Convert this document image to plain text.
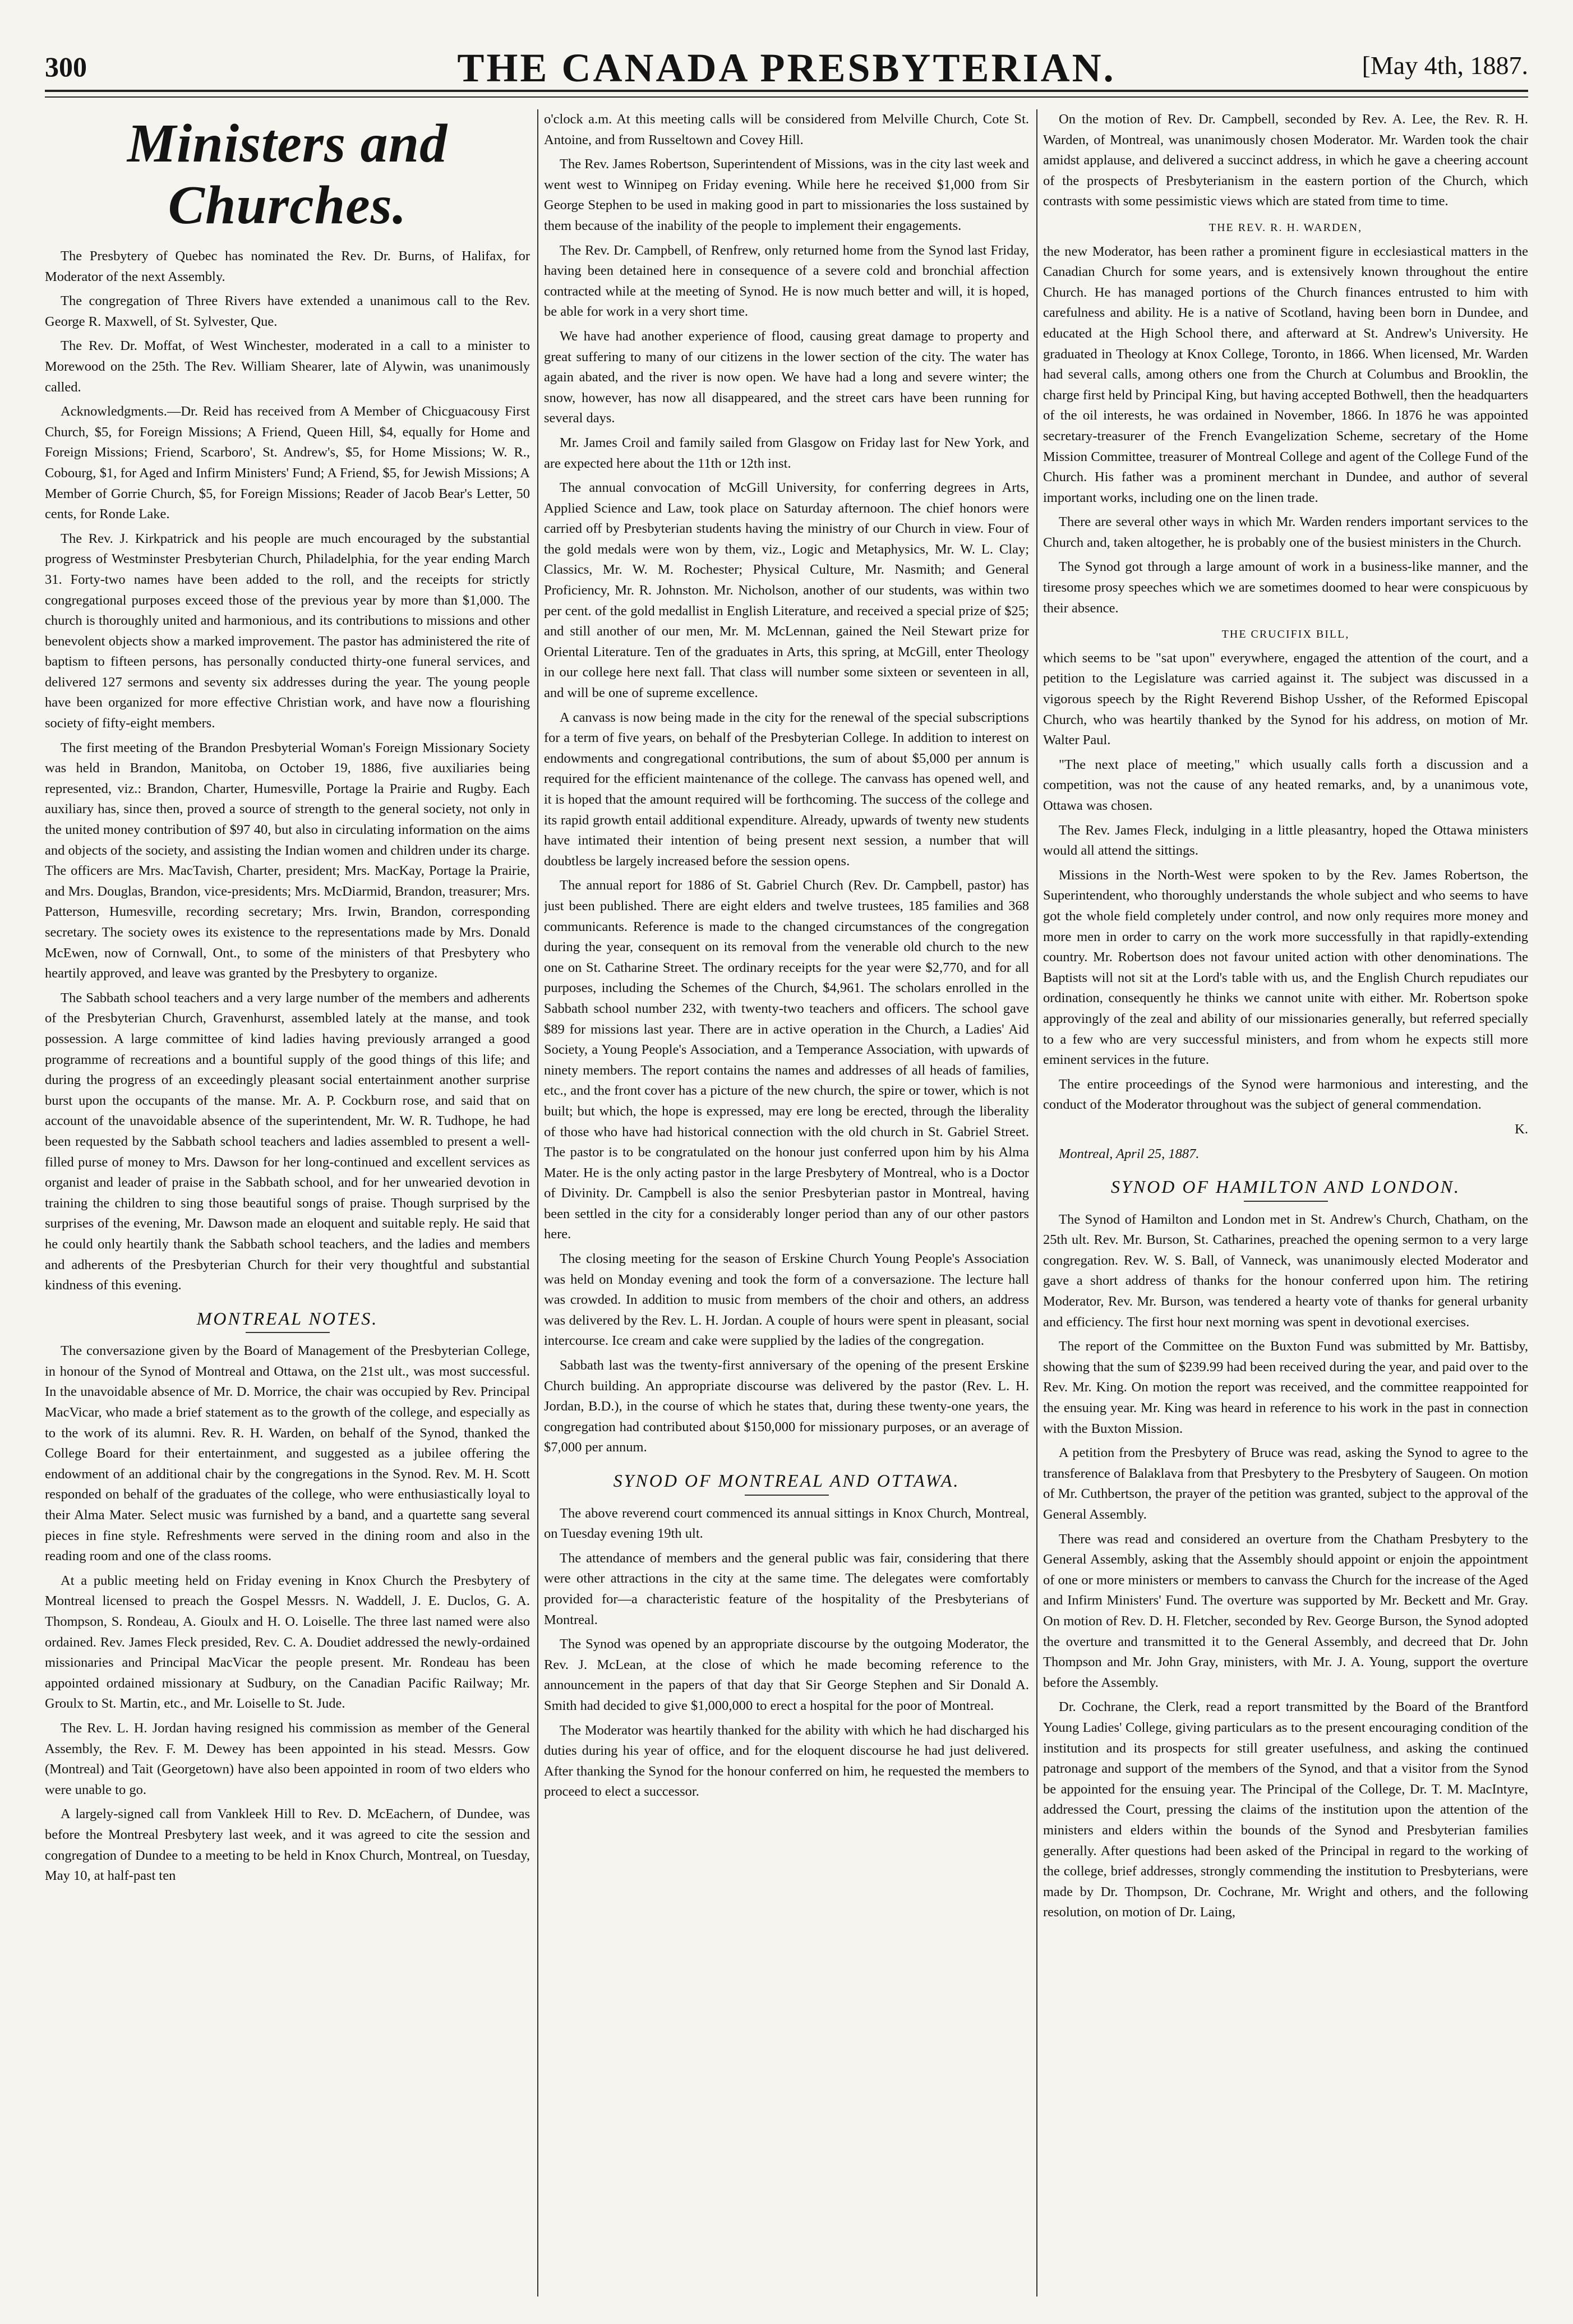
300	THE CANADA PRESBYTERIAN.	[May 4th, 1887.
Ministers and Churches.

The Presbytery of Quebec has nominated the Rev. Dr. Burns, of Halifax, for Moderator of the next Assembly.

The congregation of Three Rivers have extended a unanimous call to the Rev. George R. Maxwell, of St. Sylvester, Que.

The Rev. Dr. Moffat, of West Winchester, moderated in a call to a minister to Morewood on the 25th. The Rev. William Shearer, late of Alywin, was unanimously called.

Acknowledgments.—Dr. Reid has received from A Member of Chicguacousy First Church, $5, for Foreign Missions; A Friend, Queen Hill, $4, equally for Home and Foreign Missions; Friend, Scarboro', St. Andrew's, $5, for Home Missions; W. R., Cobourg, $1, for Aged and Infirm Ministers' Fund; A Friend, $5, for Jewish Missions; A Member of Gorrie Church, $5, for Foreign Missions; Reader of Jacob Bear's Letter, 50 cents, for Ronde Lake.

The Rev. J. Kirkpatrick and his people are much encouraged by the substantial progress of Westminster Presbyterian Church, Philadelphia, for the year ending March 31. Forty-two names have been added to the roll, and the receipts for strictly congregational purposes exceed those of the previous year by more than $1,000. The church is thoroughly united and harmonious, and its contributions to missions and other benevolent objects show a marked improvement. The pastor has administered the rite of baptism to fifteen persons, has personally conducted thirty-one funeral services, and delivered 127 sermons and seventy six addresses during the year. The young people have been organized for more effective Christian work, and have now a flourishing society of fifty-eight members.

The first meeting of the Brandon Presbyterial Woman's Foreign Missionary Society was held in Brandon, Manitoba, on October 19, 1886, five auxiliaries being represented, viz.: Brandon, Charter, Humesville, Portage la Prairie and Rugby. Each auxiliary has, since then, proved a source of strength to the general society, not only in the united money contribution of $97 40, but also in circulating information on the aims and objects of the society, and assisting the Indian women and children under its charge. The officers are Mrs. MacTavish, Charter, president; Mrs. MacKay, Portage la Prairie, and Mrs. Douglas, Brandon, vice-presidents; Mrs. McDiarmid, Brandon, treasurer; Mrs. Patterson, Humesville, recording secretary; Mrs. Irwin, Brandon, corresponding secretary. The society owes its existence to the representations made by Mrs. Donald McEwen, now of Cornwall, Ont., to some of the ministers of that Presbytery who heartily approved, and leave was granted by the Presbytery to organize.

The Sabbath school teachers and a very large number of the members and adherents of the Presbyterian Church, Gravenhurst, assembled lately at the manse, and took possession. A large committee of kind ladies having previously arranged a good programme of recreations and a bountiful supply of the good things of this life; and during the progress of an exceedingly pleasant social entertainment another surprise burst upon the occupants of the manse. Mr. A. P. Cockburn rose, and said that on account of the unavoidable absence of the superintendent, Mr. W. R. Tudhope, he had been requested by the Sabbath school teachers and ladies assembled to present a well-filled purse of money to Mrs. Dawson for her long-continued and excellent services as organist and leader of praise in the Sabbath school, and for her unwearied devotion in training the children to sing those beautiful songs of praise. Though surprised by the surprises of the evening, Mr. Dawson made an eloquent and suitable reply. He said that he could only heartily thank the Sabbath school teachers, and the ladies and members and adherents of the Presbyterian Church for their very thoughtful and substantial kindness of this evening.

MONTREAL NOTES.

The conversazione given by the Board of Management of the Presbyterian College, in honour of the Synod of Montreal and Ottawa, on the 21st ult., was most successful. In the unavoidable absence of Mr. D. Morrice, the chair was occupied by Rev. Principal MacVicar, who made a brief statement as to the growth of the college, and especially as to the work of its alumni. Rev. R. H. Warden, on behalf of the Synod, thanked the College Board for their entertainment, and suggested as a jubilee offering the endowment of an additional chair by the congregations in the Synod. Rev. M. H. Scott responded on behalf of the graduates of the college, who were enthusiastically loyal to their Alma Mater. Select music was furnished by a band, and a quartette sang several pieces in fine style. Refreshments were served in the dining room and also in the reading room and one of the class rooms.

At a public meeting held on Friday evening in Knox Church the Presbytery of Montreal licensed to preach the Gospel Messrs. N. Waddell, J. E. Duclos, G. A. Thompson, S. Rondeau, A. Gioulx and H. O. Loiselle. The three last named were also ordained. Rev. James Fleck presided, Rev. C. A. Doudiet addressed the newly-ordained missionaries and Principal MacVicar the people present. Mr. Rondeau has been appointed ordained missionary at Sudbury, on the Canadian Pacific Railway; Mr. Groulx to St. Martin, etc., and Mr. Loiselle to St. Jude.

The Rev. L. H. Jordan having resigned his commission as member of the General Assembly, the Rev. F. M. Dewey has been appointed in his stead. Messrs. Gow (Montreal) and Tait (Georgetown) have also been appointed in room of two elders who were unable to go.

A largely-signed call from Vankleek Hill to Rev. D. McEachern, of Dundee, was before the Montreal Presbytery last week, and it was agreed to cite the session and congregation of Dundee to a meeting to be held in Knox Church, Montreal, on Tuesday, May 10, at half-past ten

o'clock a.m. At this meeting calls will be considered from Melville Church, Cote St. Antoine, and from Russeltown and Covey Hill.

The Rev. James Robertson, Superintendent of Missions, was in the city last week and went west to Winnipeg on Friday evening. While here he received $1,000 from Sir George Stephen to be used in making good in part to missionaries the loss sustained by them because of the inability of the people to implement their engagements.

The Rev. Dr. Campbell, of Renfrew, only returned home from the Synod last Friday, having been detained here in consequence of a severe cold and bronchial affection contracted while at the meeting of Synod. He is now much better and will, it is hoped, be able for work in a very short time.

We have had another experience of flood, causing great damage to property and great suffering to many of our citizens in the lower section of the city. The water has again abated, and the river is now open. We have had a long and severe winter; the snow, however, has now all disappeared, and the street cars have been running for several days.

Mr. James Croil and family sailed from Glasgow on Friday last for New York, and are expected here about the 11th or 12th inst.

The annual convocation of McGill University, for conferring degrees in Arts, Applied Science and Law, took place on Saturday afternoon. The chief honors were carried off by Presbyterian students having the ministry of our Church in view. Four of the gold medals were won by them, viz., Logic and Metaphysics, Mr. W. L. Clay; Classics, Mr. W. M. Rochester; Physical Culture, Mr. Nasmith; and General Proficiency, Mr. R. Johnston. Mr. Nicholson, another of our students, was within two per cent. of the gold medallist in English Literature, and received a special prize of $25; and still another of our men, Mr. M. McLennan, gained the Neil Stewart prize for Oriental Literature. Ten of the graduates in Arts, this spring, at McGill, enter Theology in our college here next fall. That class will number some sixteen or seventeen in all, and will be one of supreme excellence.

A canvass is now being made in the city for the renewal of the special subscriptions for a term of five years, on behalf of the Presbyterian College. In addition to interest on endowments and congregational contributions, the sum of about $5,000 per annum is required for the efficient maintenance of the college. The canvass has opened well, and it is hoped that the amount required will be forthcoming. The success of the college and its rapid growth entail additional expenditure. Already, upwards of twenty new students have intimated their intention of being present next session, a number that will doubtless be largely increased before the session opens.

The annual report for 1886 of St. Gabriel Church (Rev. Dr. Campbell, pastor) has just been published. There are eight elders and twelve trustees, 185 families and 368 communicants. Reference is made to the changed circumstances of the congregation during the year, consequent on its removal from the venerable old church to the new one on St. Catharine Street. The ordinary receipts for the year were $2,770, and for all purposes, including the Schemes of the Church, $4,961. The scholars enrolled in the Sabbath school number 232, with twenty-two teachers and officers. The school gave $89 for missions last year. There are in active operation in the Church, a Ladies' Aid Society, a Young People's Association, and a Temperance Association, with upwards of ninety members. The report contains the names and addresses of all heads of families, etc., and the front cover has a picture of the new church, the spire or tower, which is not built; but which, the hope is expressed, may ere long be erected, through the liberality of those who have had historical connection with the old church in St. Gabriel Street. The pastor is to be congratulated on the honour just conferred upon him by his Alma Mater. He is the only acting pastor in the large Presbytery of Montreal, who is a Doctor of Divinity. Dr. Campbell is also the senior Presbyterian pastor in Montreal, having been settled in the city for a considerably longer period than any of our other pastors here.

The closing meeting for the season of Erskine Church Young People's Association was held on Monday evening and took the form of a conversazione. The lecture hall was crowded. In addition to music from members of the choir and others, an address was delivered by the Rev. L. H. Jordan. A couple of hours were spent in pleasant, social intercourse. Ice cream and cake were supplied by the ladies of the congregation.

Sabbath last was the twenty-first anniversary of the opening of the present Erskine Church building. An appropriate discourse was delivered by the pastor (Rev. L. H. Jordan, B.D.), in the course of which he states that, during these twenty-one years, the congregation had contributed about $150,000 for missionary purposes, or an average of $7,000 per annum.

SYNOD OF MONTREAL AND OTTAWA.

The above reverend court commenced its annual sittings in Knox Church, Montreal, on Tuesday evening 19th ult.

The attendance of members and the general public was fair, considering that there were other attractions in the city at the same time. The delegates were comfortably provided for—a characteristic feature of the hospitality of the Presbyterians of Montreal.

The Synod was opened by an appropriate discourse by the outgoing Moderator, the Rev. J. McLean, at the close of which he made becoming reference to the announcement in the papers of that day that Sir George Stephen and Sir Donald A. Smith had decided to give $1,000,000 to erect a hospital for the poor of Montreal.

The Moderator was heartily thanked for the ability with which he had discharged his duties during his year of office, and for the eloquent discourse he had just delivered. After thanking the Synod for the honour conferred on him, he requested the members to proceed to elect a successor.

On the motion of Rev. Dr. Campbell, seconded by Rev. A. Lee, the Rev. R. H. Warden, of Montreal, was unanimously chosen Moderator. Mr. Warden took the chair amidst applause, and delivered a succinct address, in which he gave a cheering account of the prospects of Presbyterianism in the eastern portion of the Church, which contrasts with some pessimistic views which are stated from time to time.

THE REV. R. H. WARDEN,

the new Moderator, has been rather a prominent figure in ecclesiastical matters in the Canadian Church for some years, and is extensively known throughout the entire Church. He has managed portions of the Church finances entrusted to him with carefulness and ability. He is a native of Scotland, having been born in Dundee, and educated at the High School there, and afterward at St. Andrew's University. He graduated in Theology at Knox College, Toronto, in 1866. When licensed, Mr. Warden had several calls, among others one from the Church at Columbus and Brooklin, the charge first held by Principal King, but having accepted Bothwell, then the headquarters of the oil interests, he was ordained in November, 1866. In 1876 he was appointed secretary-treasurer of the French Evangelization Scheme, secretary of the Home Mission Committee, treasurer of Montreal College and agent of the College Fund of the Church. His father was a prominent merchant in Dundee, and author of several important works, including one on the linen trade.

There are several other ways in which Mr. Warden renders important services to the Church and, taken altogether, he is probably one of the busiest ministers in the Church.

The Synod got through a large amount of work in a business-like manner, and the tiresome prosy speeches which we are sometimes doomed to hear were conspicuous by their absence.

THE CRUCIFIX BILL,

which seems to be "sat upon" everywhere, engaged the attention of the court, and a petition to the Legislature was carried against it. The subject was discussed in a vigorous speech by the Right Reverend Bishop Ussher, of the Reformed Episcopal Church, who was heartily thanked by the Synod for his address, on motion of Mr. Walter Paul.

"The next place of meeting," which usually calls forth a discussion and a competition, was not the cause of any heated remarks, and, by a unanimous vote, Ottawa was chosen.

The Rev. James Fleck, indulging in a little pleasantry, hoped the Ottawa ministers would all attend the sittings.

Missions in the North-West were spoken to by the Rev. James Robertson, the Superintendent, who thoroughly understands the whole subject and who seems to have got the whole field completely under control, and now only requires more money and more men in order to carry on the work more successfully in that rapidly-extending country. Mr. Robertson does not favour united action with other denominations. The Baptists will not sit at the Lord's table with us, and the English Church repudiates our ordination, consequently he thinks we cannot unite with either. Mr. Robertson spoke approvingly of the zeal and ability of our missionaries generally, but referred specially to a few who are very successful ministers, and from whom he expects still more eminent services in the future.

The entire proceedings of the Synod were harmonious and interesting, and the conduct of the Moderator throughout was the subject of general commendation.

K.

Montreal, April 25, 1887.

SYNOD OF HAMILTON AND LONDON.

The Synod of Hamilton and London met in St. Andrew's Church, Chatham, on the 25th ult. Rev. Mr. Burson, St. Catharines, preached the opening sermon to a very large congregation. Rev. W. S. Ball, of Vanneck, was unanimously elected Moderator and gave a short address of thanks for the honour conferred upon him. The retiring Moderator, Rev. Mr. Burson, was tendered a hearty vote of thanks for general urbanity and efficiency. The first hour next morning was spent in devotional exercises.

The report of the Committee on the Buxton Fund was submitted by Mr. Battisby, showing that the sum of $239.99 had been received during the year, and paid over to the Rev. Mr. King. On motion the report was received, and the committee reappointed for the ensuing year. Mr. King was heard in reference to his work in the past in connection with the Buxton Mission.

A petition from the Presbytery of Bruce was read, asking the Synod to agree to the transference of Balaklava from that Presbytery to the Presbytery of Saugeen. On motion of Mr. Cuthbertson, the prayer of the petition was granted, subject to the approval of the General Assembly.

There was read and considered an overture from the Chatham Presbytery to the General Assembly, asking that the Assembly should appoint or enjoin the appointment of one or more ministers or members to canvass the Church for the increase of the Aged and Infirm Ministers' Fund. The overture was supported by Mr. Beckett and Mr. Gray. On motion of Rev. D. H. Fletcher, seconded by Rev. George Burson, the Synod adopted the overture and transmitted it to the General Assembly, and decreed that Dr. John Thompson and Mr. John Gray, ministers, with Mr. J. A. Young, support the overture before the Assembly.

Dr. Cochrane, the Clerk, read a report transmitted by the Board of the Brantford Young Ladies' College, giving particulars as to the present encouraging condition of the institution and its prospects for still greater usefulness, and asking the continued patronage and support of the members of the Synod, and that a visitor from the Synod be appointed for the ensuing year. The Principal of the College, Dr. T. M. MacIntyre, addressed the Court, pressing the claims of the institution upon the attention of the ministers and elders within the bounds of the Synod and Presbyterian families generally. After questions had been asked of the Principal in regard to the working of the college, brief addresses, strongly commending the institution to Presbyterians, were made by Dr. Thompson, Dr. Cochrane, Mr. Wright and others, and the following resolution, on motion of Dr. Laing,
